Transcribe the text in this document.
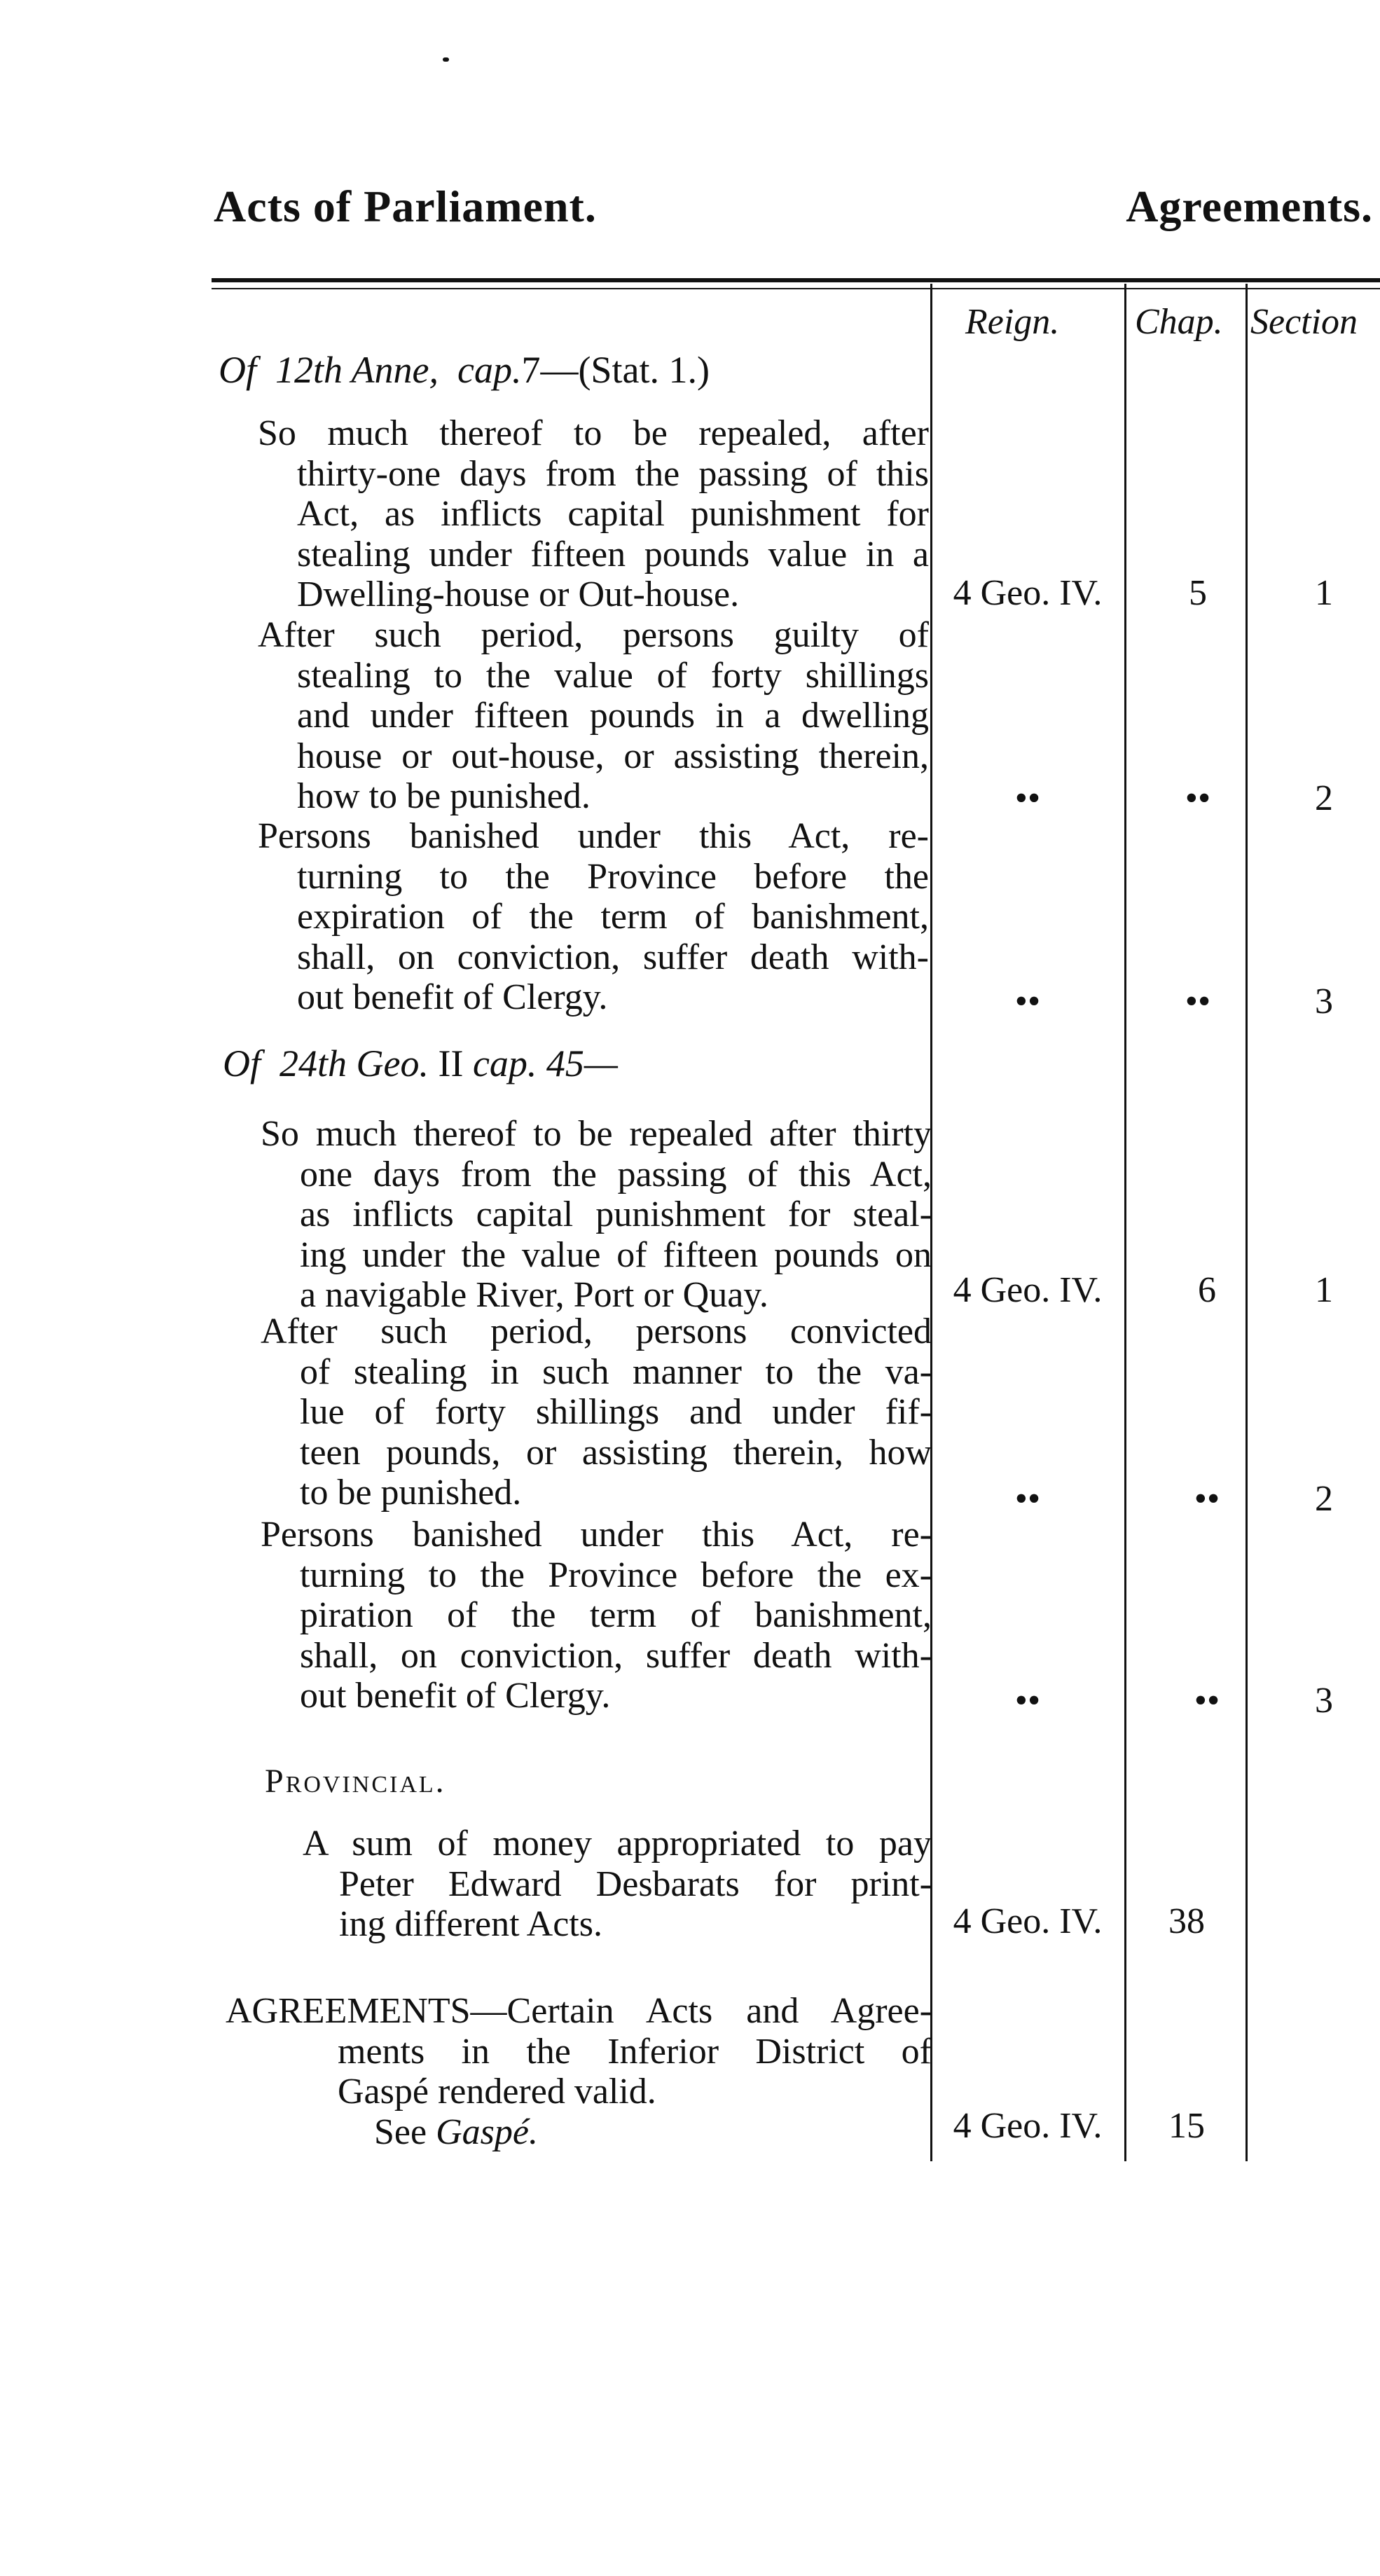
Acts of Parliament.	Agreements.
Reign. Chap. Section
Of 12th Anne, cap.7—(Stat. 1.)
So much thereof to be repealed, after
thirty-one days from the passing of this
Act, as inflicts capital punishment for
stealing under fifteen pounds value in a
Dwelling-house or Out-house.	4 Geo. IV.	5	1
After such period, persons guilty of
stealing to the value of forty shillings
and under fifteen pounds in a dwelling
house or out-house, or assisting therein,
how to be punished.	••	••	2
Persons banished under this Act, re-
turning to the Province before the
expiration of the term of banishment,
shall, on conviction, suffer death with-
out benefit of Clergy.	••	••	3
Of 24th Geo. II cap. 45—
So much thereof to be repealed after thirty
one days from the passing of this Act,
as inflicts capital punishment for steal-
ing under the value of fifteen pounds on
a navigable River, Port or Quay.	4 Geo. IV.	6	1
After such period, persons convicted
of stealing in such manner to the va-
lue of forty shillings and under fif-
teen pounds, or assisting therein, how
to be punished.	••	••	2
Persons banished under this Act, re-
turning to the Province before the ex-
piration of the term of banishment,
shall, on conviction, suffer death with-
out benefit of Clergy.	••	••	3
Provincial.
A sum of money appropriated to pay
Peter Edward Desbarats for print-
ing different Acts.	4 Geo. IV.	38
AGREEMENTS—Certain Acts and Agree-
ments in the Inferior District of
Gaspé rendered valid.
See Gaspé.	4 Geo. IV.	15
